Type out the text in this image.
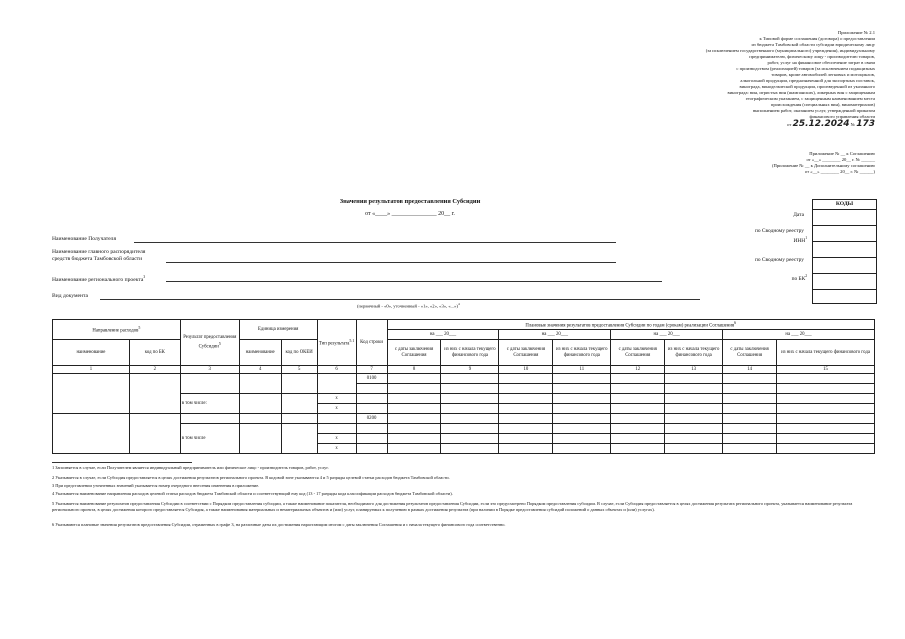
Приложение № 2.1
к Типовой форме соглашения (договора) о предоставлении
из бюджета Тамбовской области субсидии юридическому лицу
(за исключением государственного (муниципального) учреждения), индивидуальному
предпринимателю, физическому лицу - производителю товаров,
работ, услуг на финансовое обеспечение затрат в связи
с производством (реализацией) товаров (за исключением подакцизных
товаров, кроме автомобилей легковых и мотоциклов,
алкогольной продукции, предназначенной для экспортных поставок,
винограда, винодельческой продукции, произведенной из указанного
винограда: вин, игристых вин (шампанских), ликерных вин с защищенным
географическим указанием, с защищенным наименованием места
происхождения (специальных вин), виноматериалов)
выполнением работ, оказанием услуг, утвержденной приказом
финансового управления области
от 25.12.2024 № 173
Приложение № __ к Соглашению
от «__» ________ 20__ г. № ______
(Приложение № __ к Дополнительному соглашению
от «__» ________ 20__ г. № ______)
Значения результатов предоставления Субсидии
от «____» _______________ 20__ г.
КОДЫ
Дата
по Сводному реестру
ИНН$^1$
по Сводному реестру
по $БК^2$
Наименование Получателя
Наименование главного распорядителя
средств бюджета Тамбовской области
Наименование регионального проекта$^3$
Вид документа
(первичный - «0», уточненный - «1», «2», «3», «...»)$^4$
Направление расходов$^5$		Результат предоставления Субсидии$^5$	Единица измерения		Тип результата$^{5.1}$	Код строки	Плановые значения результатов предоставления Субсидии по годам (срокам) реализации Соглашения$^6$
							на ___ 20___		на ___ 20___		на ___ 20___		на ___ 20___	
наименование	код по БК		наименование	код по ОКЕИ			с даты заключения Соглашения	из них с начала текущего финансового года	с даты заключения Соглашения	из них с начала текущего финансового года	с даты заключения Соглашения	из них с начала текущего финансового года	с даты заключения Соглашения	из них с начала текущего финансового года
1	2	3	4	5	6	7	8	9	10	11	12	13	14	15
						0100								

		в том числе:			x									
					x									
						0200								
		в том числе												
					x									
					x									
1 Заполняется в случае, если Получателем является индивидуальный предприниматель или физическое лицо - производитель товаров, работ, услуг.
2 Указывается в случае, если Субсидия предоставляется в целях достижения результатов регионального проекта. В кодовой зоне указываются 4 и 5 разряды целевой статьи расходов бюджета Тамбовской области.
3 При представлении уточненных значений указывается номер очередного внесения изменения в приложение.
4 Указывается наименование направления расходов целевой статьи расходов бюджета Тамбовской области и соответствующий ему код (13 - 17 разряды кода классификации расходов бюджета Тамбовской области).
5 Указывается наименование результатов предоставления Субсидии в соответствии с Порядком предоставления субсидии, а также наименование показателя, необходимого для достижения результатов предоставления Субсидии, если это предусмотрено Порядком предоставления субсидии. В случае, если Субсидия предоставляется в целях достижения результата регионального проекта, указывается наименование результата регионального проекта, в целях достижения которого предоставляется Субсидия, а также наименования материальных и нематериальных объектов и (или) услуг, планируемых к получению в рамках достижения результата (при наличии в Порядке предоставления субсидий положений о данных объектах и (или) услугах).
6 Указываются плановые значения результатов предоставления Субсидии, отраженных в графе 3, на различные даты их достижения нарастающим итогом с даты заключения Соглашения и с начала текущего финансового года соответственно.
